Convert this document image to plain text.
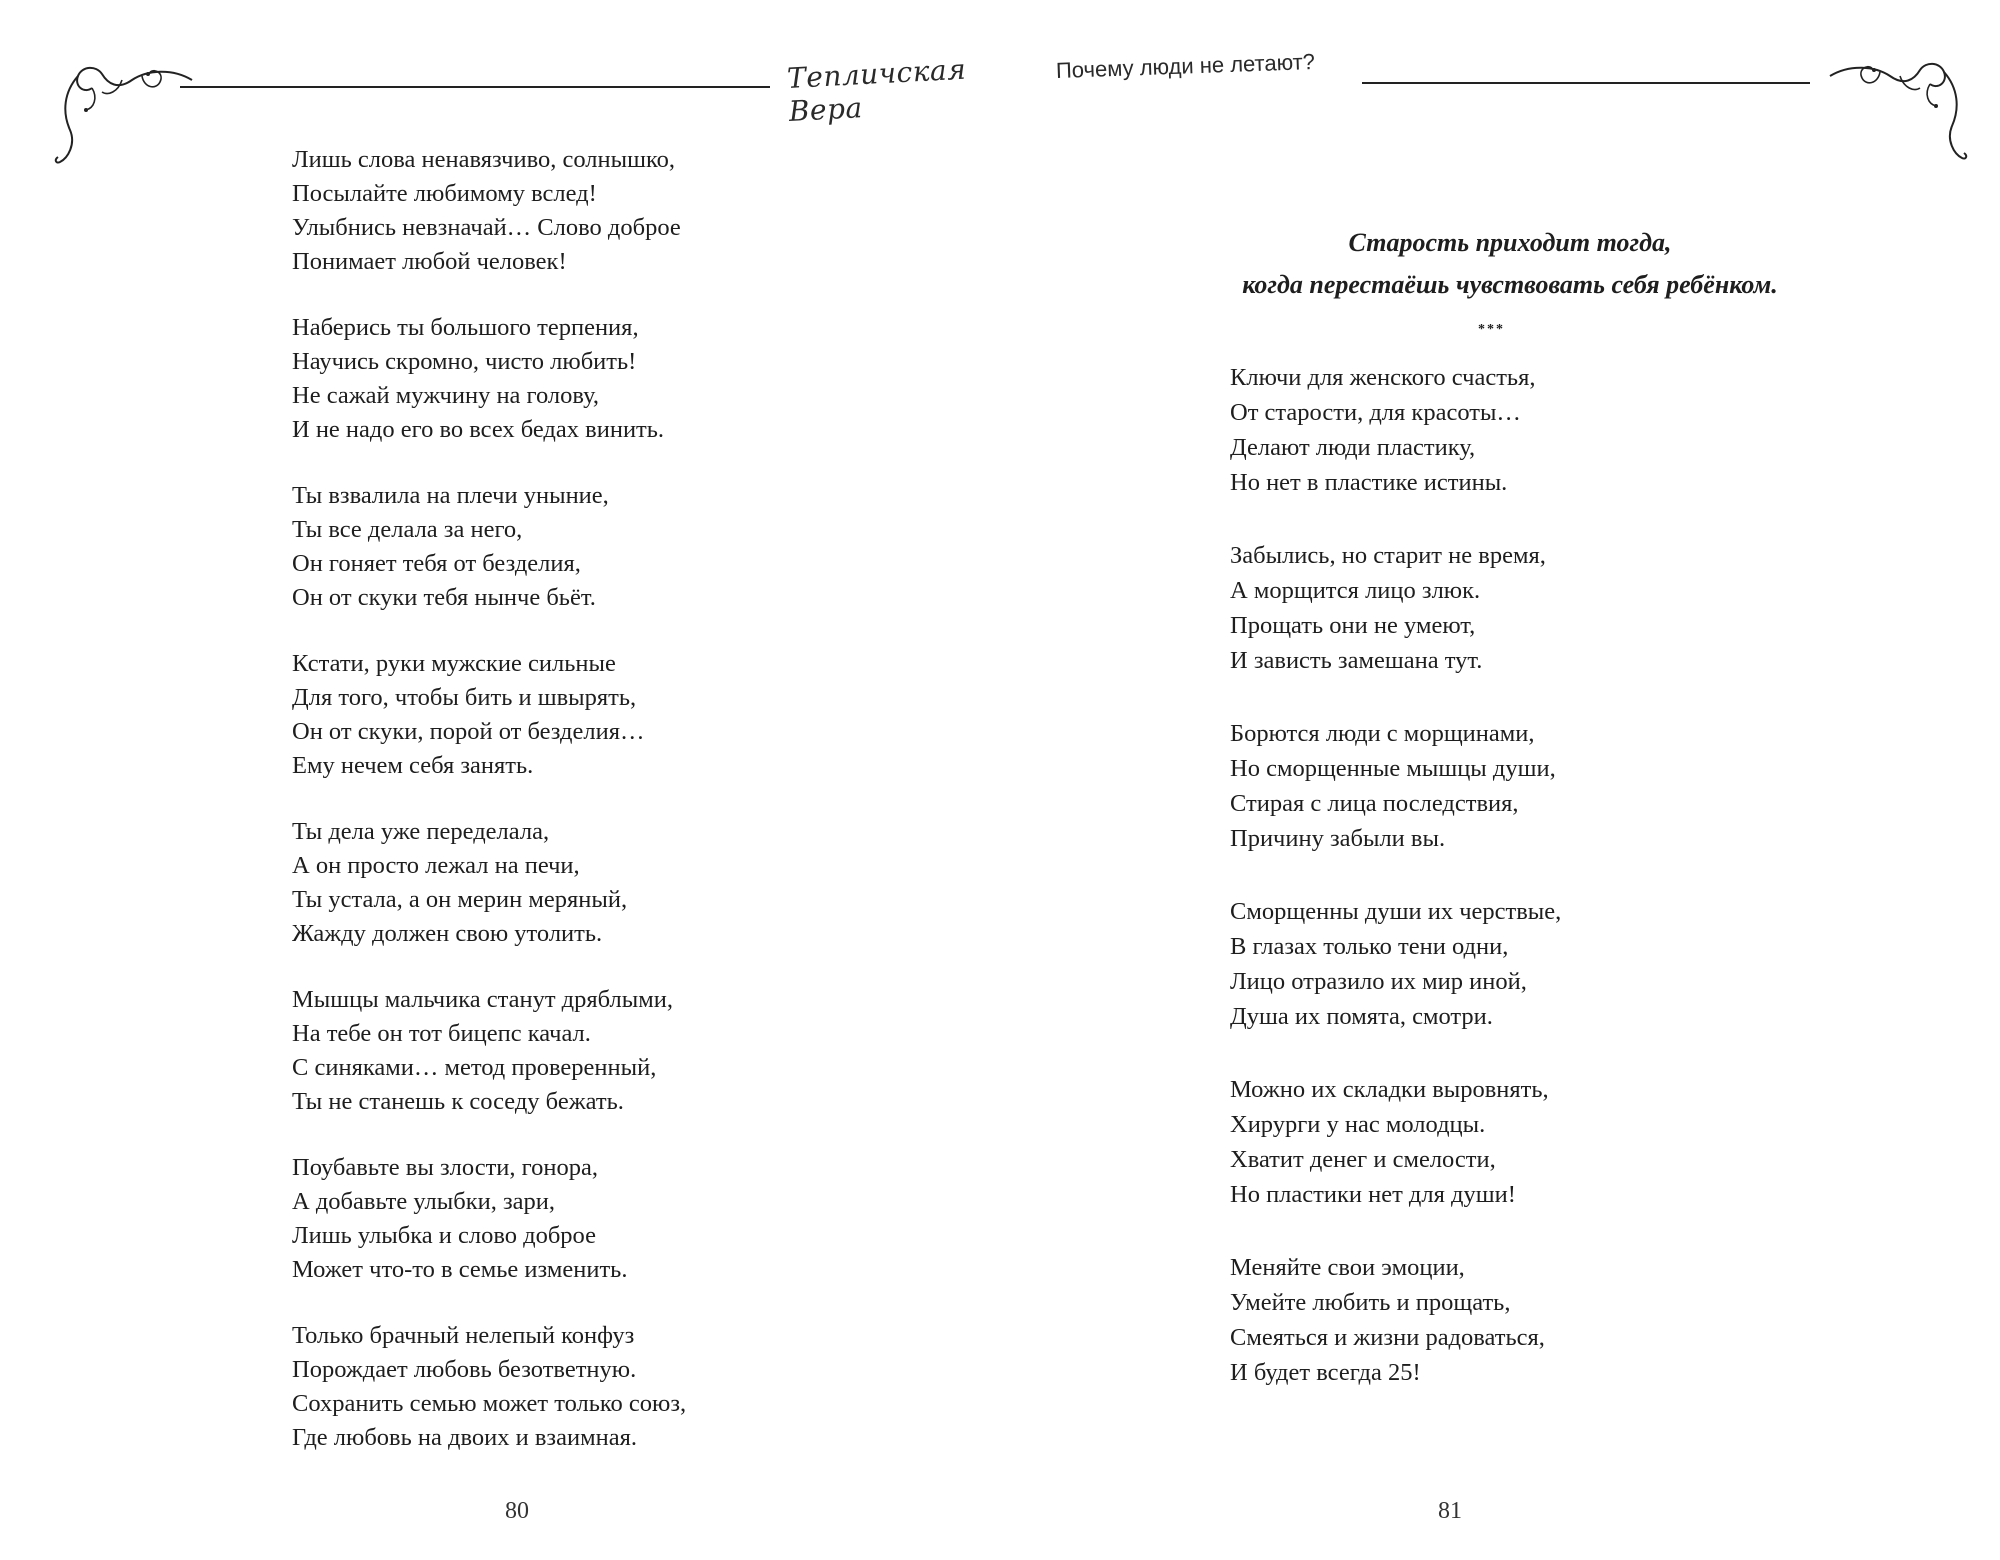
Тепличская Вера
Лишь слова ненавязчиво, солнышко,
Посылайте любимому вслед!
Улыбнись невзначай… Слово доброе
Понимает любой человек!
Наберись ты большого терпения,
Научись скромно, чисто любить!
Не сажай мужчину на голову,
И не надо его во всех бедах винить.
Ты взвалила на плечи уныние,
Ты все делала за него,
Он гоняет тебя от безделия,
Он от скуки тебя нынче бьёт.
Кстати, руки мужские сильные
Для того, чтобы бить и швырять,
Он от скуки, порой от безделия…
Ему нечем себя занять.
Ты дела уже переделала,
А он просто лежал на печи,
Ты устала, а он мерин меряный,
Жажду должен свою утолить.
Мышцы мальчика станут дряблыми,
На тебе он тот бицепс качал.
С синяками… метод проверенный,
Ты не станешь к соседу бежать.
Поубавьте вы злости, гонора,
А добавьте улыбки, зари,
Лишь улыбка и слово доброе
Может что-то в семье изменить.
Только брачный нелепый конфуз
Порождает любовь безответную.
Сохранить семью может только союз,
Где любовь на двоих и взаимная.
80
Почему люди не летают?
Старость приходит тогда,
когда перестаёшь чувствовать себя ребёнком.
***
Ключи для женского счастья,
От старости, для красоты…
Делают люди пластику,
Но нет в пластике истины.
Забылись, но старит не время,
А морщится лицо злюк.
Прощать они не умеют,
И зависть замешана тут.
Борются люди с морщинами,
Но сморщенные мышцы души,
Стирая с лица последствия,
Причину забыли вы.
Сморщенны души их черствые,
В глазах только тени одни,
Лицо отразило их мир иной,
Душа их помята, смотри.
Можно их складки выровнять,
Хирурги у нас молодцы.
Хватит денег и смелости,
Но пластики нет для души!
Меняйте свои эмоции,
Умейте любить и прощать,
Смеяться и жизни радоваться,
И будет всегда 25!
81
